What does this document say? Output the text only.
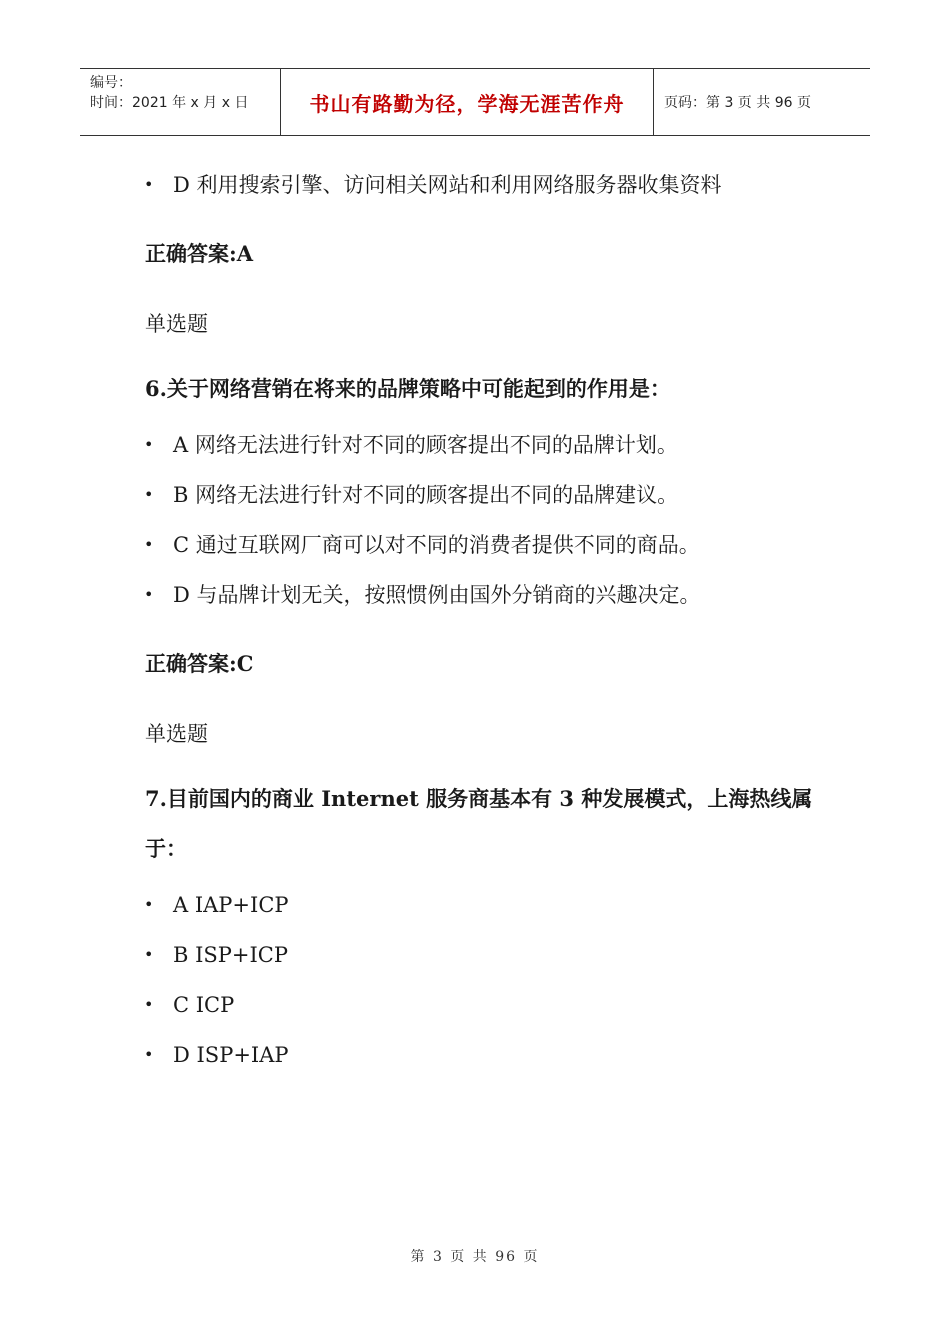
编号：
时间：2021 年 x 月 x 日	书山有路勤为径，学海无涯苦作舟	页码：第 3 页 共 96 页
• D 利用搜索引擎、访问相关网站和利用网络服务器收集资料
正确答案:A
单选题
6.关于网络营销在将来的品牌策略中可能起到的作用是：
• A 网络无法进行针对不同的顾客提出不同的品牌计划。
• B 网络无法进行针对不同的顾客提出不同的品牌建议。
• C 通过互联网厂商可以对不同的消费者提供不同的商品。
• D 与品牌计划无关，按照惯例由国外分销商的兴趣决定。
正确答案:C
单选题
7.目前国内的商业 Internet 服务商基本有 3 种发展模式，上海热线属于：
• A IAP+ICP
• B ISP+ICP
• C ICP
• D ISP+IAP
第 3 页 共 96 页
